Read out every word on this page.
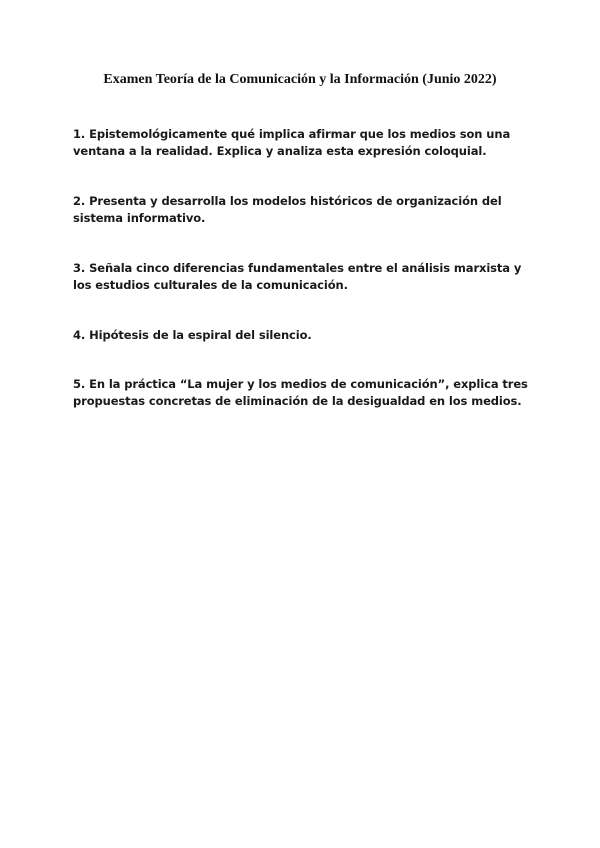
Examen Teoría de la Comunicación y la Información (Junio 2022)

1. Epistemológicamente qué implica afirmar que los medios son una ventana a la realidad. Explica y analiza esta expresión coloquial.

2. Presenta y desarrolla los modelos históricos de organización del sistema informativo.

3. Señala cinco diferencias fundamentales entre el análisis marxista y los estudios culturales de la comunicación.

4. Hipótesis de la espiral del silencio.

5. En la práctica “La mujer y los medios de comunicación”, explica tres propuestas concretas de eliminación de la desigualdad en los medios.
